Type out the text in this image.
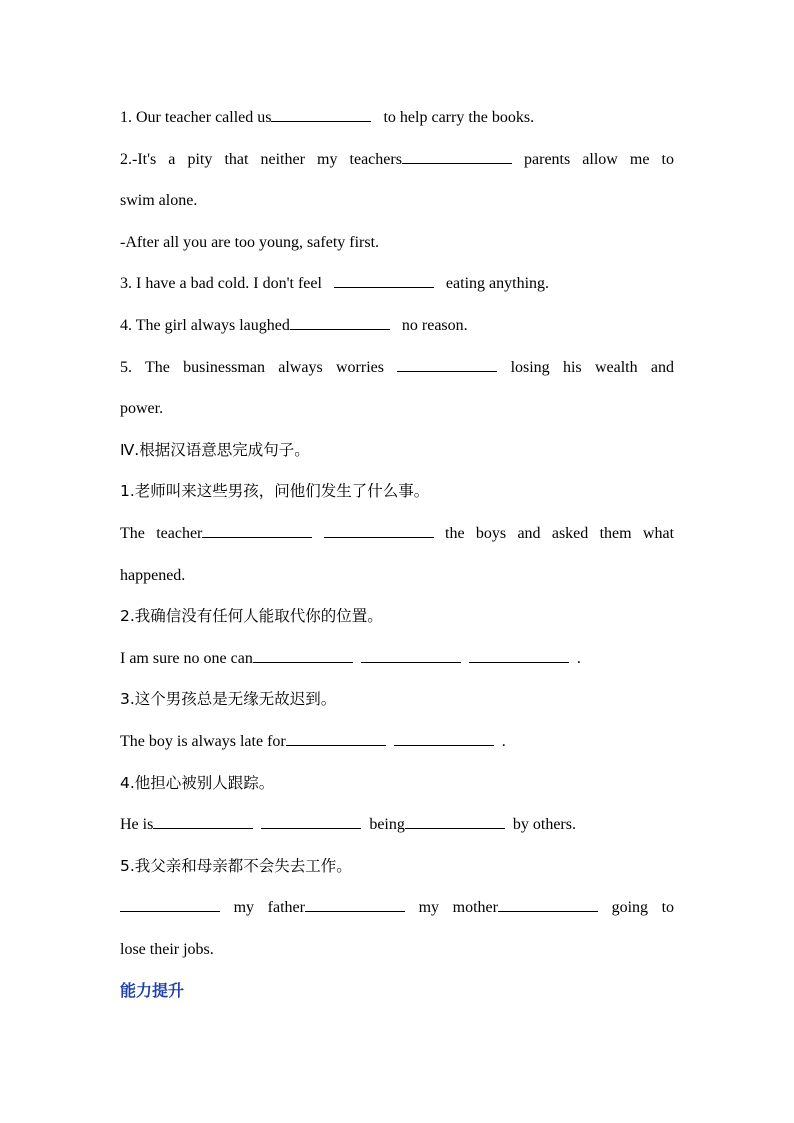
1. Our teacher called us	to help carry the books.
2.-It's a pity that neither my teachers	parents allow me to
swim alone.
-After all you are too young, safety first.
3. I have a bad cold. I don't feel	eating anything.
4. The girl always laughed	no reason.
5. The businessman always worries	losing his wealth and
power.
Ⅳ.根据汉语意思完成句子。
1.老师叫来这些男孩，问他们发生了什么事。
The teacher	the boys and asked them what
happened.
2.我确信没有任何人能取代你的位置。
I am sure no one can	.
3.这个男孩总是无缘无故迟到。
The boy is always late for	.
4.他担心被别人跟踪。
He is	being	by others.
5.我父亲和母亲都不会失去工作。
my father	my mother	going to
lose their jobs.
能力提升
